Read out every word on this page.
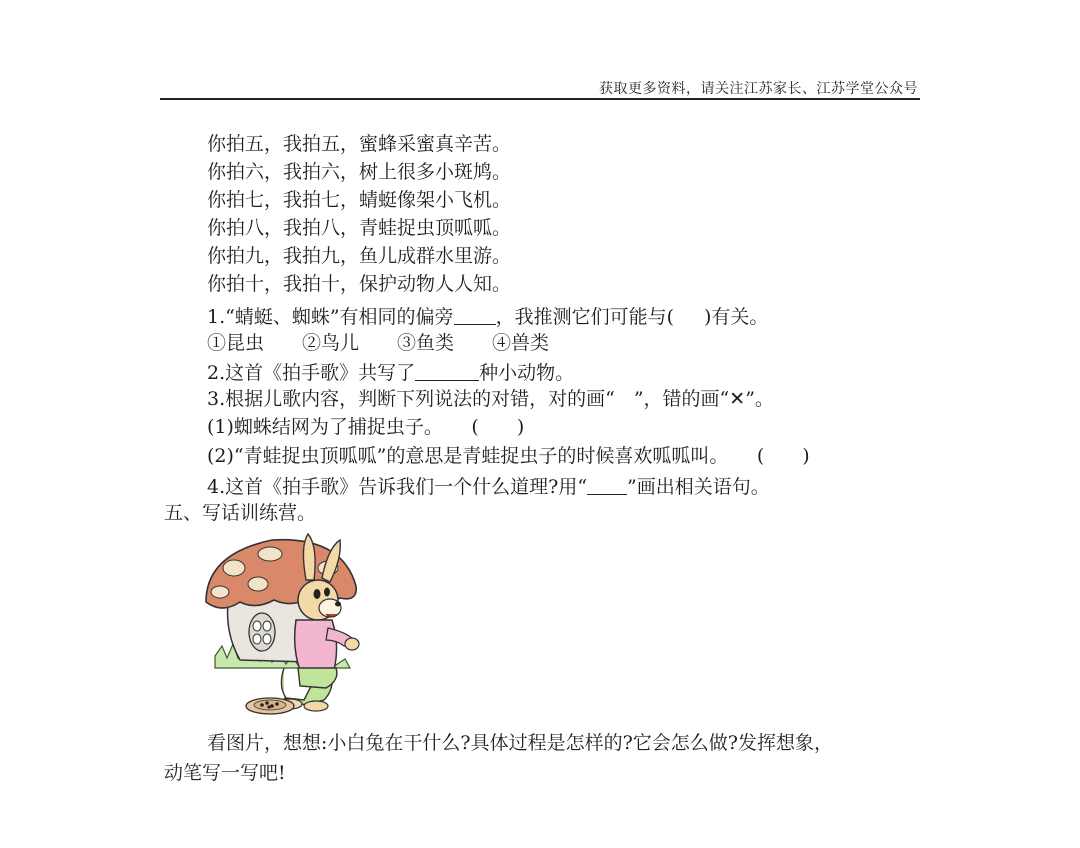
获取更多资料，请关注江苏家长、江苏学堂公众号
你拍五，我拍五，蜜蜂采蜜真辛苦。
你拍六，我拍六，树上很多小斑鸠。
你拍七，我拍七，蜻蜓像架小飞机。
你拍八，我拍八，青蛙捉虫顶呱呱。
你拍九，我拍九，鱼儿成群水里游。
你拍十，我拍十，保护动物人人知。
1.“蜻蜓、蜘蛛”有相同的偏旁 ，我推测它们可能与( )有关。
①昆虫　　②鸟儿　　③鱼类　　④兽类
2.这首《拍手歌》共写了	种小动物。
3.根据儿歌内容，判断下列说法的对错，对的画“　”，错的画“✕”。
(1)蜘蛛结网为了捕捉虫子。　　(　　)
(2)“青蛙捉虫顶呱呱”的意思是青蛙捉虫子的时候喜欢呱呱叫。　　(　　)
4.这首《拍手歌》告诉我们一个什么道理?用“ ”画出相关语句。
五、写话训练营。
看图片，想想:小白兔在干什么?具体过程是怎样的?它会怎么做?发挥想象，
动笔写一写吧!
